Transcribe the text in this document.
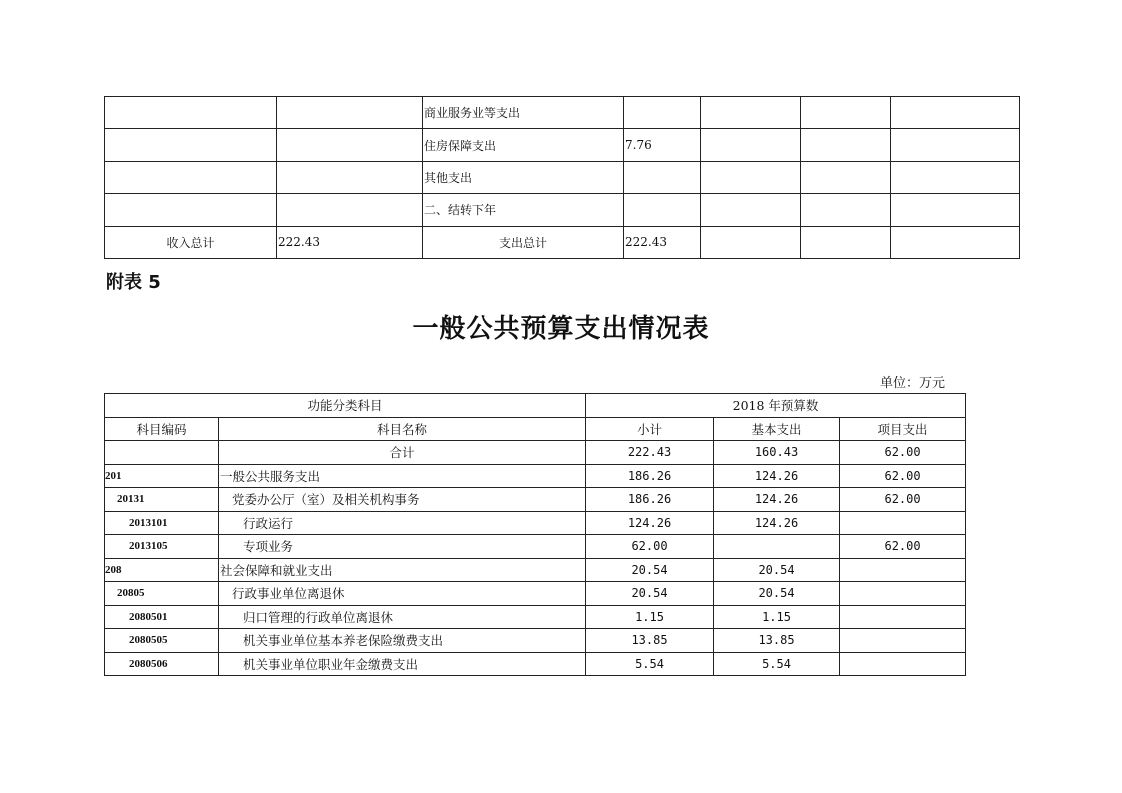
		商业服务业等支出				
		住房保障支出	7.76			
		其他支出				
		二、结转下年				
收入总计	222.43	支出总计	222.43			
附表 5
一般公共预算支出情况表
单位：万元
功能分类科目		2018 年预算数		
科目编码	科目名称	小计	基本支出	项目支出
	合计	222.43	160.43	62.00
201	一般公共服务支出	186.26	124.26	62.00
20131	党委办公厅（室）及相关机构事务	186.26	124.26	62.00
2013101	行政运行	124.26	124.26	
2013105	专项业务	62.00		62.00
208	社会保障和就业支出	20.54	20.54	
20805	行政事业单位离退休	20.54	20.54	
2080501	归口管理的行政单位离退休	1.15	1.15	
2080505	机关事业单位基本养老保险缴费支出	13.85	13.85	
2080506	机关事业单位职业年金缴费支出	5.54	5.54	
